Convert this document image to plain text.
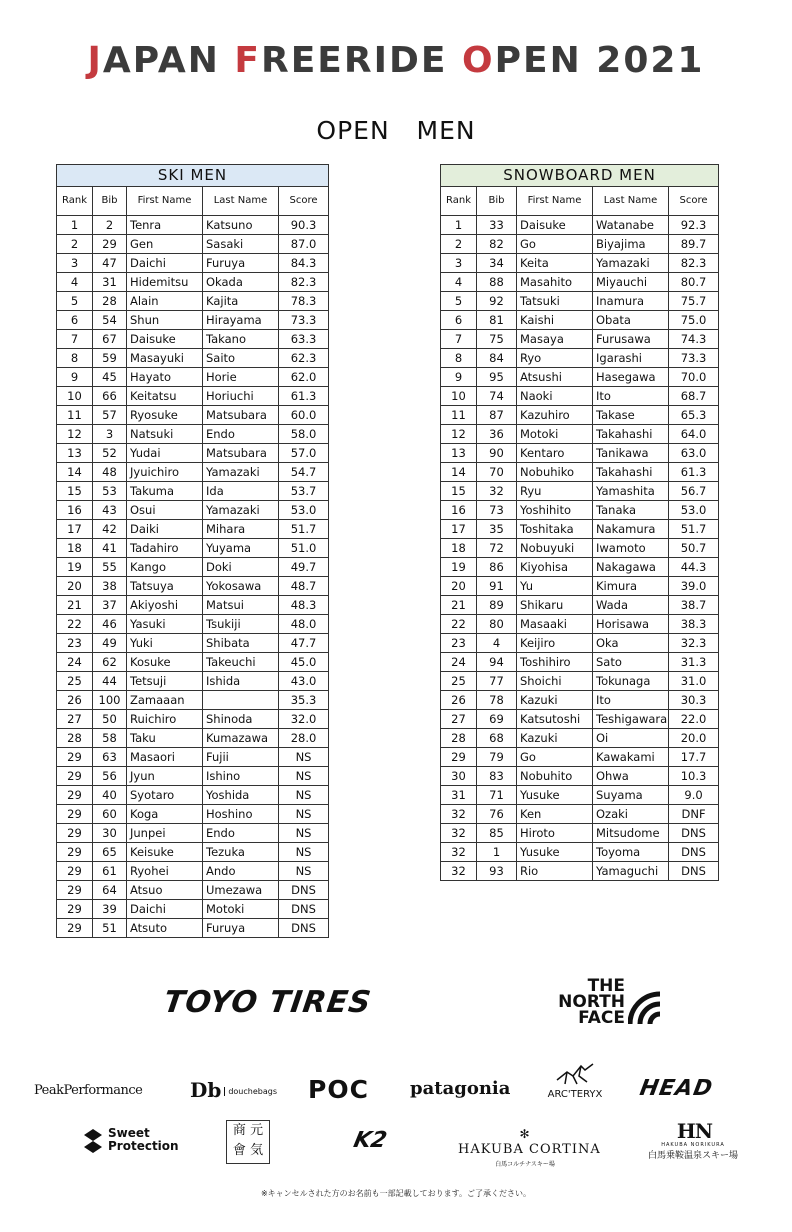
JAPAN FREERIDE OPEN 2021
OPEN   MEN
SKI MEN				
Rank	Bib	First Name	Last Name	Score
1	2	Tenra	Katsuno	90.3
2	29	Gen	Sasaki	87.0
3	47	Daichi	Furuya	84.3
4	31	Hidemitsu	Okada	82.3
5	28	Alain	Kajita	78.3
6	54	Shun	Hirayama	73.3
7	67	Daisuke	Takano	63.3
8	59	Masayuki	Saito	62.3
9	45	Hayato	Horie	62.0
10	66	Keitatsu	Horiuchi	61.3
11	57	Ryosuke	Matsubara	60.0
12	3	Natsuki	Endo	58.0
13	52	Yudai	Matsubara	57.0
14	48	Jyuichiro	Yamazaki	54.7
15	53	Takuma	Ida	53.7
16	43	Osui	Yamazaki	53.0
17	42	Daiki	Mihara	51.7
18	41	Tadahiro	Yuyama	51.0
19	55	Kango	Doki	49.7
20	38	Tatsuya	Yokosawa	48.7
21	37	Akiyoshi	Matsui	48.3
22	46	Yasuki	Tsukiji	48.0
23	49	Yuki	Shibata	47.7
24	62	Kosuke	Takeuchi	45.0
25	44	Tetsuji	Ishida	43.0
26	100	Zamaaan		35.3
27	50	Ruichiro	Shinoda	32.0
28	58	Taku	Kumazawa	28.0
29	63	Masaori	Fujii	NS
29	56	Jyun	Ishino	NS
29	40	Syotaro	Yoshida	NS
29	60	Koga	Hoshino	NS
29	30	Junpei	Endo	NS
29	65	Keisuke	Tezuka	NS
29	61	Ryohei	Ando	NS
29	64	Atsuo	Umezawa	DNS
29	39	Daichi	Motoki	DNS
29	51	Atsuto	Furuya	DNS
SNOWBOARD MEN				
Rank	Bib	First Name	Last Name	Score
1	33	Daisuke	Watanabe	92.3
2	82	Go	Biyajima	89.7
3	34	Keita	Yamazaki	82.3
4	88	Masahito	Miyauchi	80.7
5	92	Tatsuki	Inamura	75.7
6	81	Kaishi	Obata	75.0
7	75	Masaya	Furusawa	74.3
8	84	Ryo	Igarashi	73.3
9	95	Atsushi	Hasegawa	70.0
10	74	Naoki	Ito	68.7
11	87	Kazuhiro	Takase	65.3
12	36	Motoki	Takahashi	64.0
13	90	Kentaro	Tanikawa	63.0
14	70	Nobuhiko	Takahashi	61.3
15	32	Ryu	Yamashita	56.7
16	73	Yoshihito	Tanaka	53.0
17	35	Toshitaka	Nakamura	51.7
18	72	Nobuyuki	Iwamoto	50.7
19	86	Kiyohisa	Nakagawa	44.3
20	91	Yu	Kimura	39.0
21	89	Shikaru	Wada	38.7
22	80	Masaaki	Horisawa	38.3
23	4	Keijiro	Oka	32.3
24	94	Toshihiro	Sato	31.3
25	77	Shoichi	Tokunaga	31.0
26	78	Kazuki	Ito	30.3
27	69	Katsutoshi	Teshigawara	22.0
28	68	Kazuki	Oi	20.0
29	79	Go	Kawakami	17.7
30	83	Nobuhito	Ohwa	10.3
31	71	Yusuke	Suyama	9.0
32	76	Ken	Ozaki	DNF
32	85	Hiroto	Mitsudome	DNS
32	1	Yusuke	Toyoma	DNS
32	93	Rio	Yamaguchi	DNS
TOYO TIRES	THE
NORTH
FACE
PeakPerformance Db douchebags POC patagonia	ARC'TERYX	HEAD
Sweet
Protection
商 元
會 気	K2	✻
HAKUBA CORTINA
白馬コルチナスキー場
H N
HAKUBA NORIKURA
白馬乗鞍温泉スキー場
※キャンセルされた方のお名前も一部記載しております。ご了承ください。
